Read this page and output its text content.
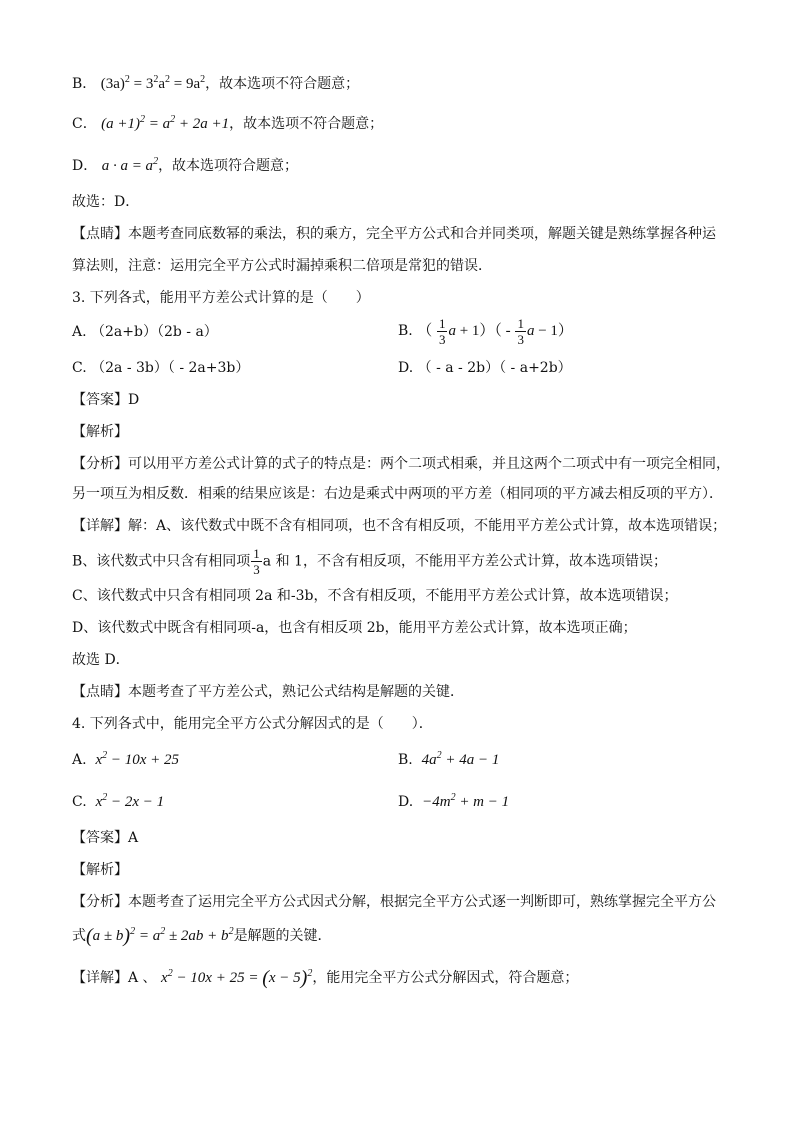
B． $(3a)^2 = 3^2a^2 = 9a^2$，故本选项不符合题意；
C． $(a +1)^2 = a^2 + 2a +1$，故本选项不符合题意；
D． $a \cdot a = a^2$，故本选项符合题意；
故选：D．
【点睛】本题考查同底数幂的乘法，积的乘方，完全平方公式和合并同类项，解题关键是熟练掌握各种运
算法则，注意：运用完全平方公式时漏掉乘积二倍项是常犯的错误．
3. 下列各式，能用平方差公式计算的是（　　）
A. （2a+b）（2b - a）	B. （ $\frac{1}{3}$ $a + 1)( - \frac{1}{3}$ a − 1）
C. （2a - 3b）（ - 2a+3b）	D. （ - a - 2b）（ - a+2b）
【答案】D
【解析】
【分析】可以用平方差公式计算的式子的特点是：两个二项式相乘，并且这两个二项式中有一项完全相同，
另一项互为相反数．相乘的结果应该是：右边是乘式中两项的平方差（相同项的平方减去相反项的平方）．
【详解】解：A、该代数式中既不含有相同项，也不含有相反项，不能用平方差公式计算，故本选项错误；
B、该代数式中只含有相同项 $\frac{1}{3}$ a 和 1，不含有相反项，不能用平方差公式计算，故本选项错误；
C、该代数式中只含有相同项 2a 和-3b，不含有相反项，不能用平方差公式计算，故本选项错误；
D、该代数式中既含有相同项-a，也含有相反项 2b，能用平方差公式计算，故本选项正确；
故选 D．
【点睛】本题考查了平方差公式，熟记公式结构是解题的关键．
4. 下列各式中，能用完全平方公式分解因式的是（　　）．
A. $x^2 - 10x + 25$	B. $4a^2 + 4a - 1$
C. $x^2 - 2x - 1$	D. $-4m^2 + m - 1$
【答案】A
【解析】
【分析】本题考查了运用完全平方公式因式分解，根据完全平方公式逐一判断即可，熟练掌握完全平方公
式$(a \pm b)^2 = a^2 \pm 2ab + b^2$是解题的关键．
【详解】A 、 $x^2 - 10x + 25 = (x - 5)^2$，能用完全平方公式分解因式，符合题意；
